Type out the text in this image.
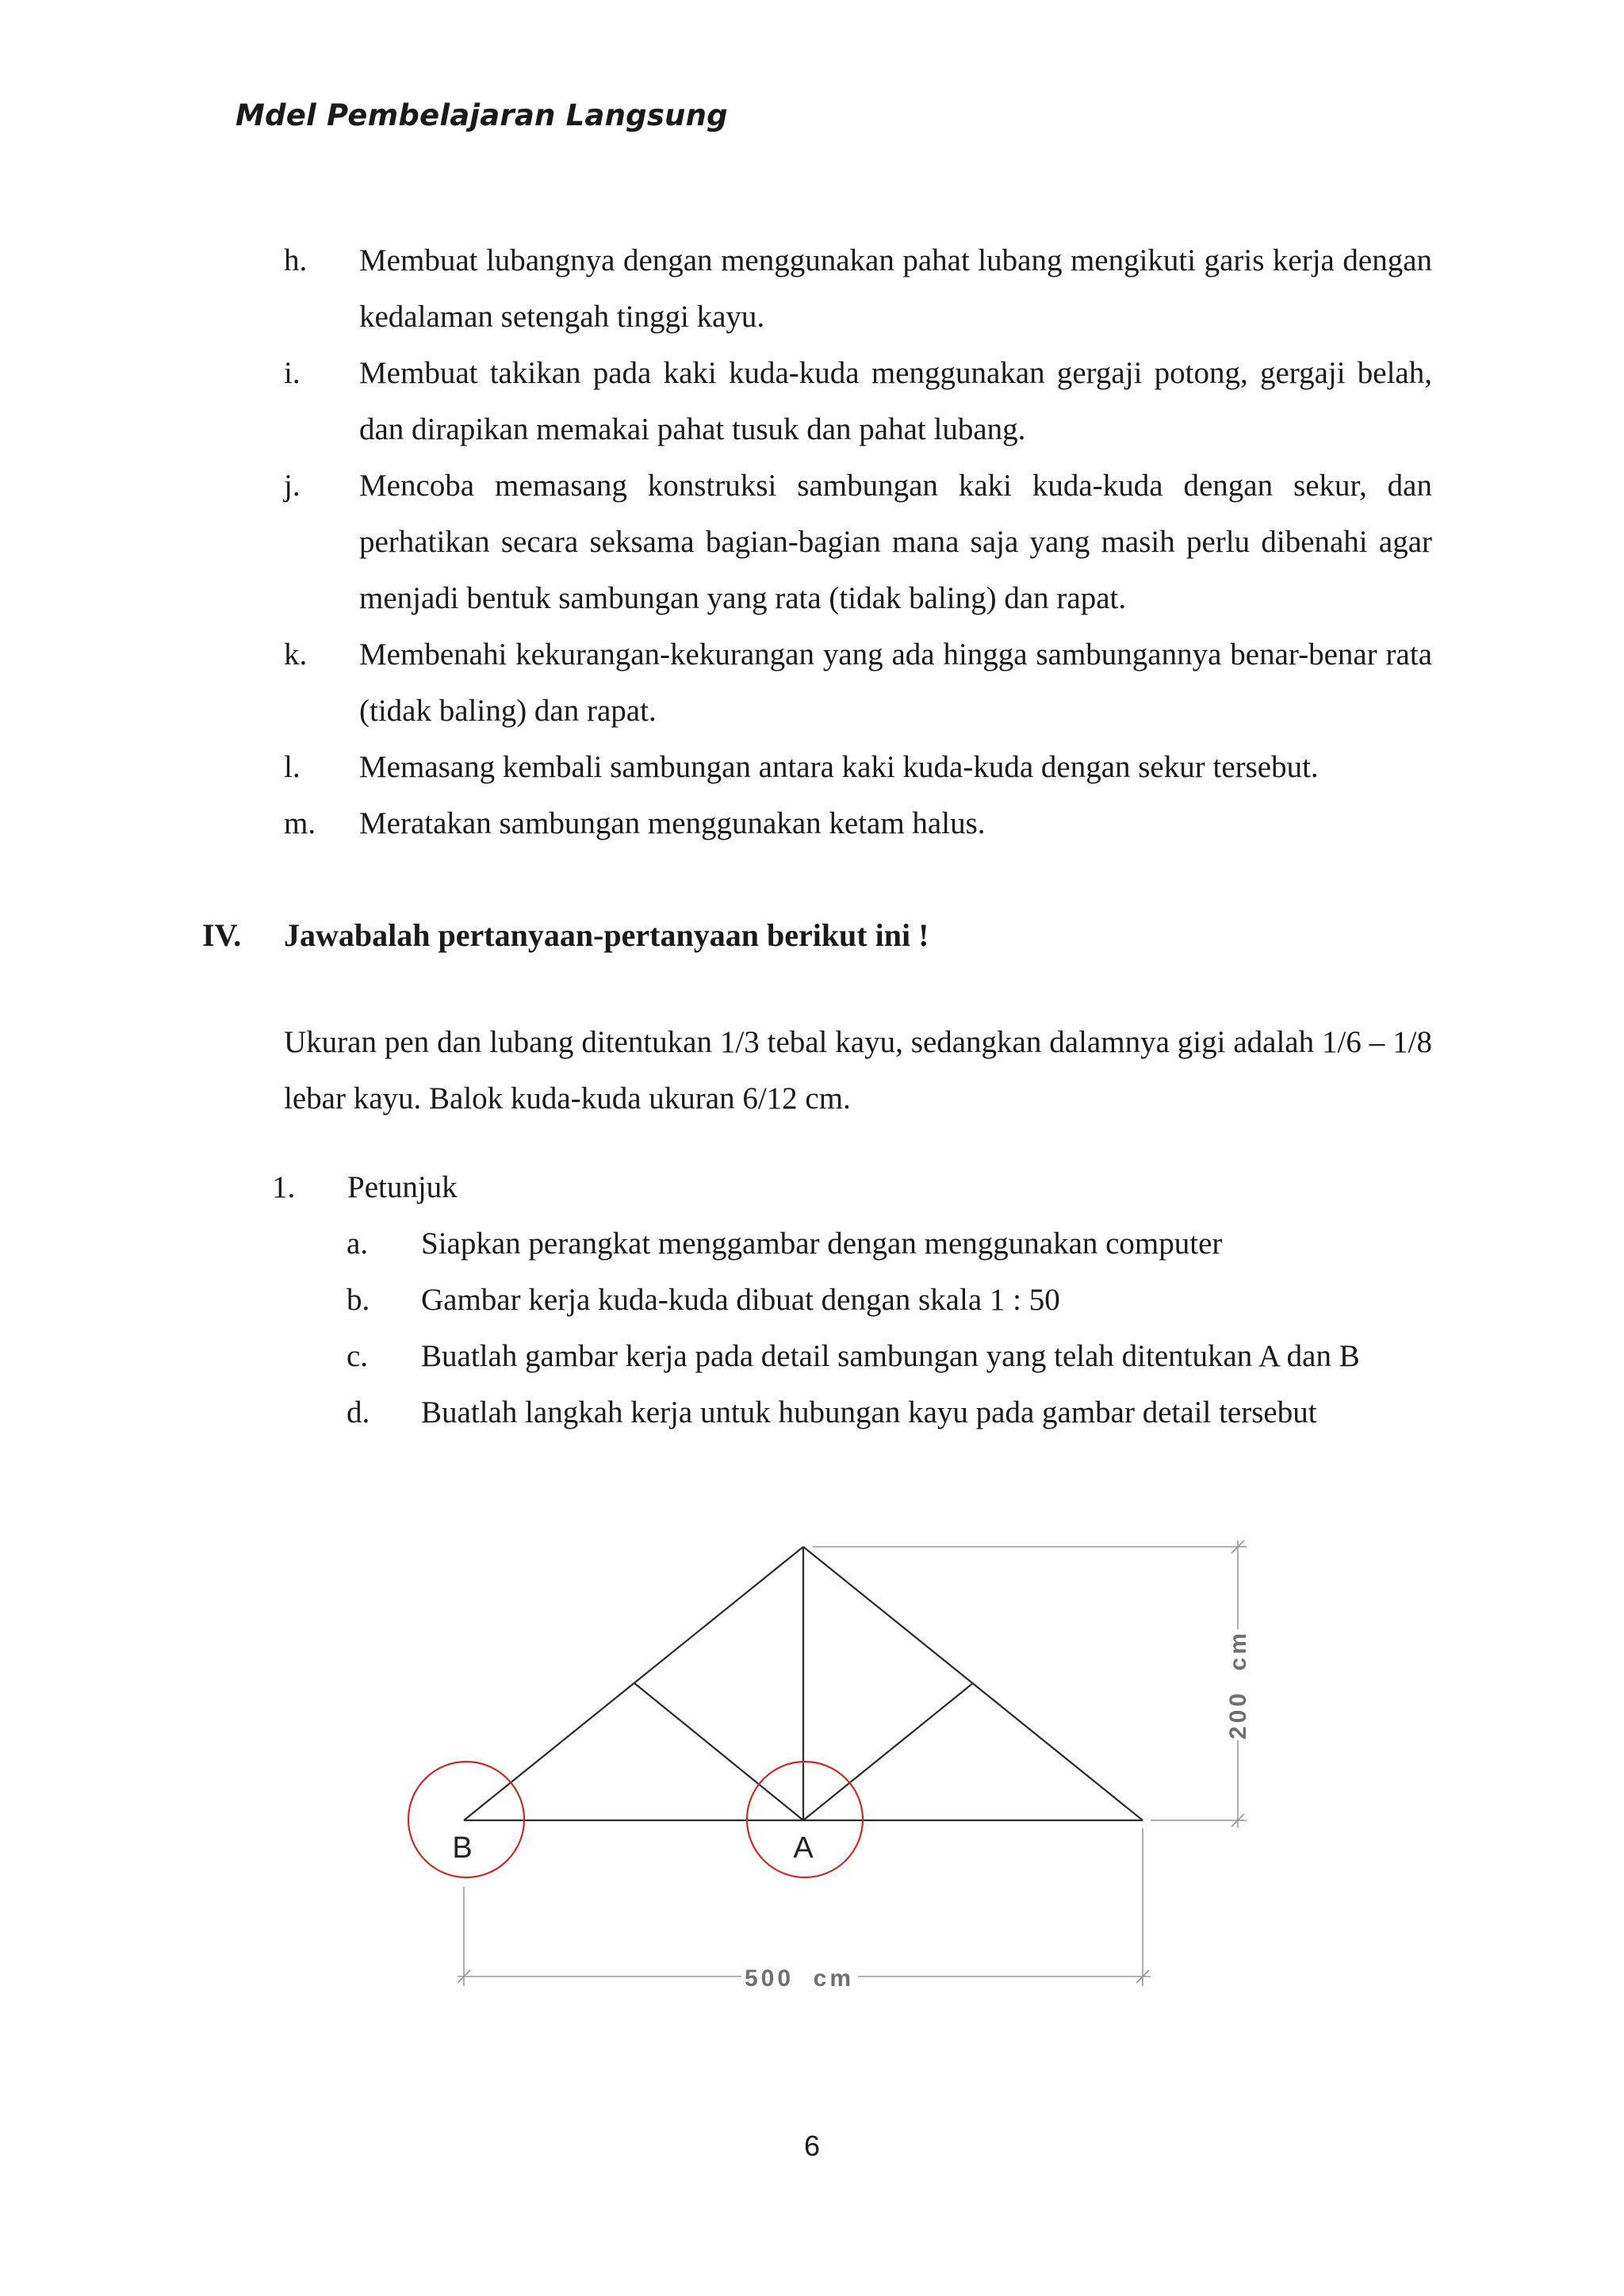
Mdel Pembelajaran Langsung
h. Membuat lubangnya dengan menggunakan pahat lubang mengikuti garis kerja dengan kedalaman setengah tinggi kayu.
i. Membuat takikan pada kaki kuda-kuda menggunakan gergaji potong, gergaji belah, dan dirapikan memakai pahat tusuk dan pahat lubang.
j. Mencoba memasang konstruksi sambungan kaki kuda-kuda dengan sekur, dan perhatikan secara seksama bagian-bagian mana saja yang masih perlu dibenahi agar menjadi bentuk sambungan yang rata (tidak baling) dan rapat.
k. Membenahi kekurangan-kekurangan yang ada hingga sambungannya benar-benar rata (tidak baling) dan rapat.
l. Memasang kembali sambungan antara kaki kuda-kuda dengan sekur tersebut.
m. Meratakan sambungan menggunakan ketam halus.
IV. Jawabalah pertanyaan-pertanyaan berikut ini !
Ukuran pen dan lubang ditentukan 1/3 tebal kayu, sedangkan dalamnya gigi adalah 1/6 – 1/8 lebar kayu. Balok kuda-kuda ukuran 6/12 cm.
1. Petunjuk
a. Siapkan perangkat menggambar dengan menggunakan computer
b. Gambar kerja kuda-kuda dibuat dengan skala 1 : 50
c. Buatlah gambar kerja pada detail sambungan yang telah ditentukan A dan B
d. Buatlah langkah kerja untuk hubungan kayu pada gambar detail tersebut
B	A
500  cm
200  cm
6
